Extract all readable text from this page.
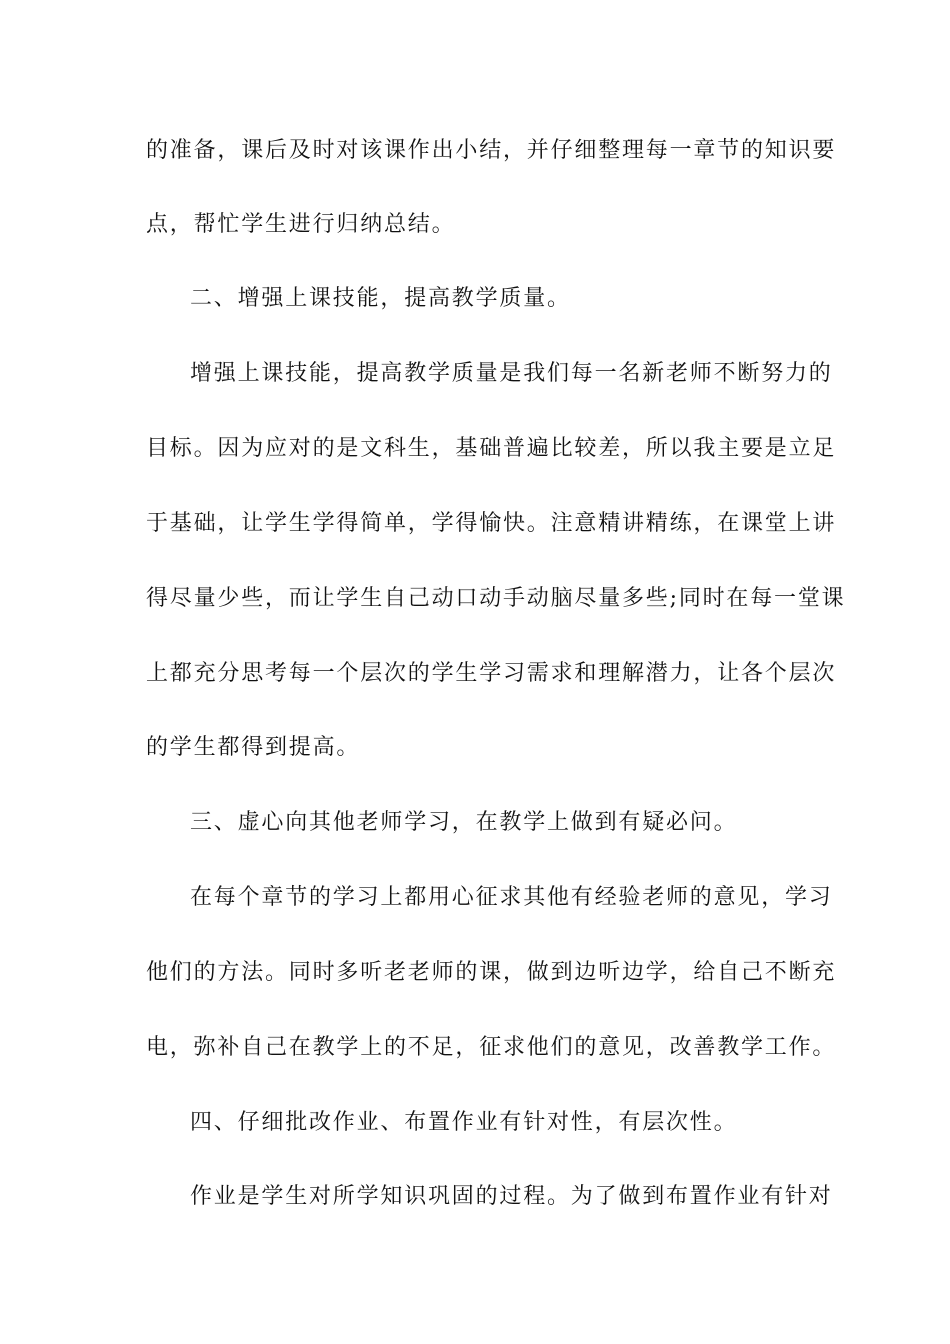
的准备，课后及时对该课作出小结，并仔细整理每一章节的知识要
点，帮忙学生进行归纳总结。
二、增强上课技能，提高教学质量。
增强上课技能，提高教学质量是我们每一名新老师不断努力的
目标。因为应对的是文科生，基础普遍比较差，所以我主要是立足
于基础，让学生学得简单，学得愉快。注意精讲精练，在课堂上讲
得尽量少些，而让学生自己动口动手动脑尽量多些;同时在每一堂课
上都充分思考每一个层次的学生学习需求和理解潜力，让各个层次
的学生都得到提高。
三、虚心向其他老师学习，在教学上做到有疑必问。
在每个章节的学习上都用心征求其他有经验老师的意见，学习
他们的方法。同时多听老老师的课，做到边听边学，给自己不断充
电，弥补自己在教学上的不足，征求他们的意见，改善教学工作。
四、仔细批改作业、布置作业有针对性，有层次性。
作业是学生对所学知识巩固的过程。为了做到布置作业有针对
